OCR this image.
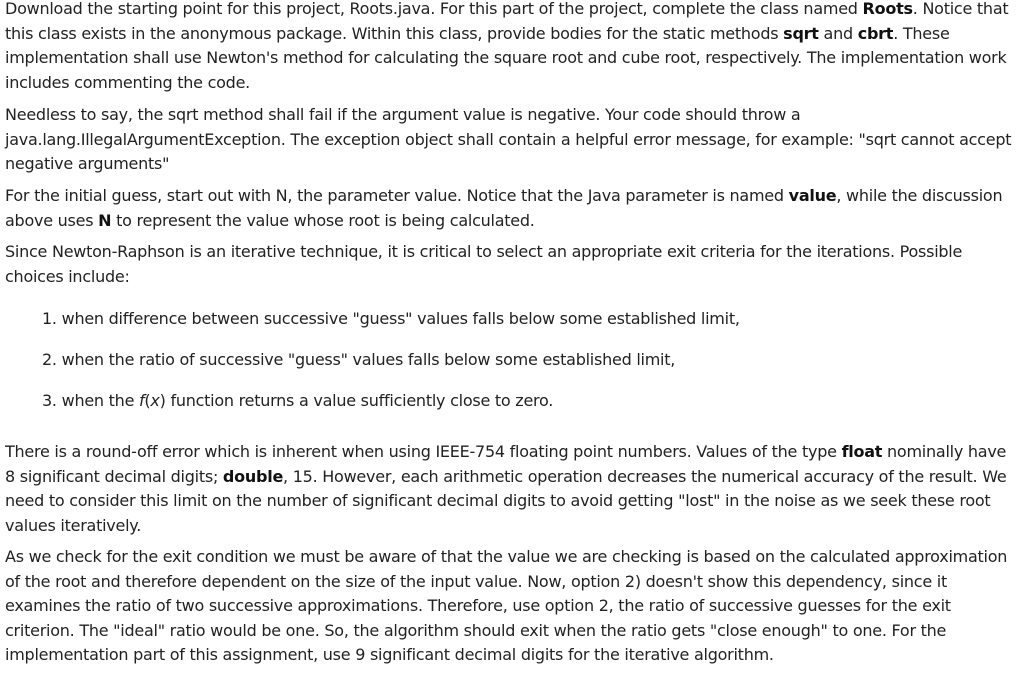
Download the starting point for this project, Roots.java. For this part of the project, complete the class named Roots. Notice that this class exists in the anonymous package. Within this class, provide bodies for the static methods sqrt and cbrt. These implementation shall use Newton's method for calculating the square root and cube root, respectively. The implementation work includes commenting the code.

Needless to say, the sqrt method shall fail if the argument value is negative. Your code should throw a java.lang.IllegalArgumentException. The exception object shall contain a helpful error message, for example: "sqrt cannot accept negative arguments"

For the initial guess, start out with N, the parameter value. Notice that the Java parameter is named value, while the discussion above uses N to represent the value whose root is being calculated.

Since Newton-Raphson is an iterative technique, it is critical to select an appropriate exit criteria for the iterations. Possible choices include:

1. when difference between successive "guess" values falls below some established limit,
2. when the ratio of successive "guess" values falls below some established limit,
3. when the f(x) function returns a value sufficiently close to zero.

There is a round-off error which is inherent when using IEEE-754 floating point numbers. Values of the type float nominally have 8 significant decimal digits; double, 15. However, each arithmetic operation decreases the numerical accuracy of the result. We need to consider this limit on the number of significant decimal digits to avoid getting "lost" in the noise as we seek these root values iteratively.

As we check for the exit condition we must be aware of that the value we are checking is based on the calculated approximation of the root and therefore dependent on the size of the input value. Now, option 2) doesn't show this dependency, since it examines the ratio of two successive approximations. Therefore, use option 2, the ratio of successive guesses for the exit criterion. The "ideal" ratio would be one. So, the algorithm should exit when the ratio gets "close enough" to one. For the implementation part of this assignment, use 9 significant decimal digits for the iterative algorithm.
